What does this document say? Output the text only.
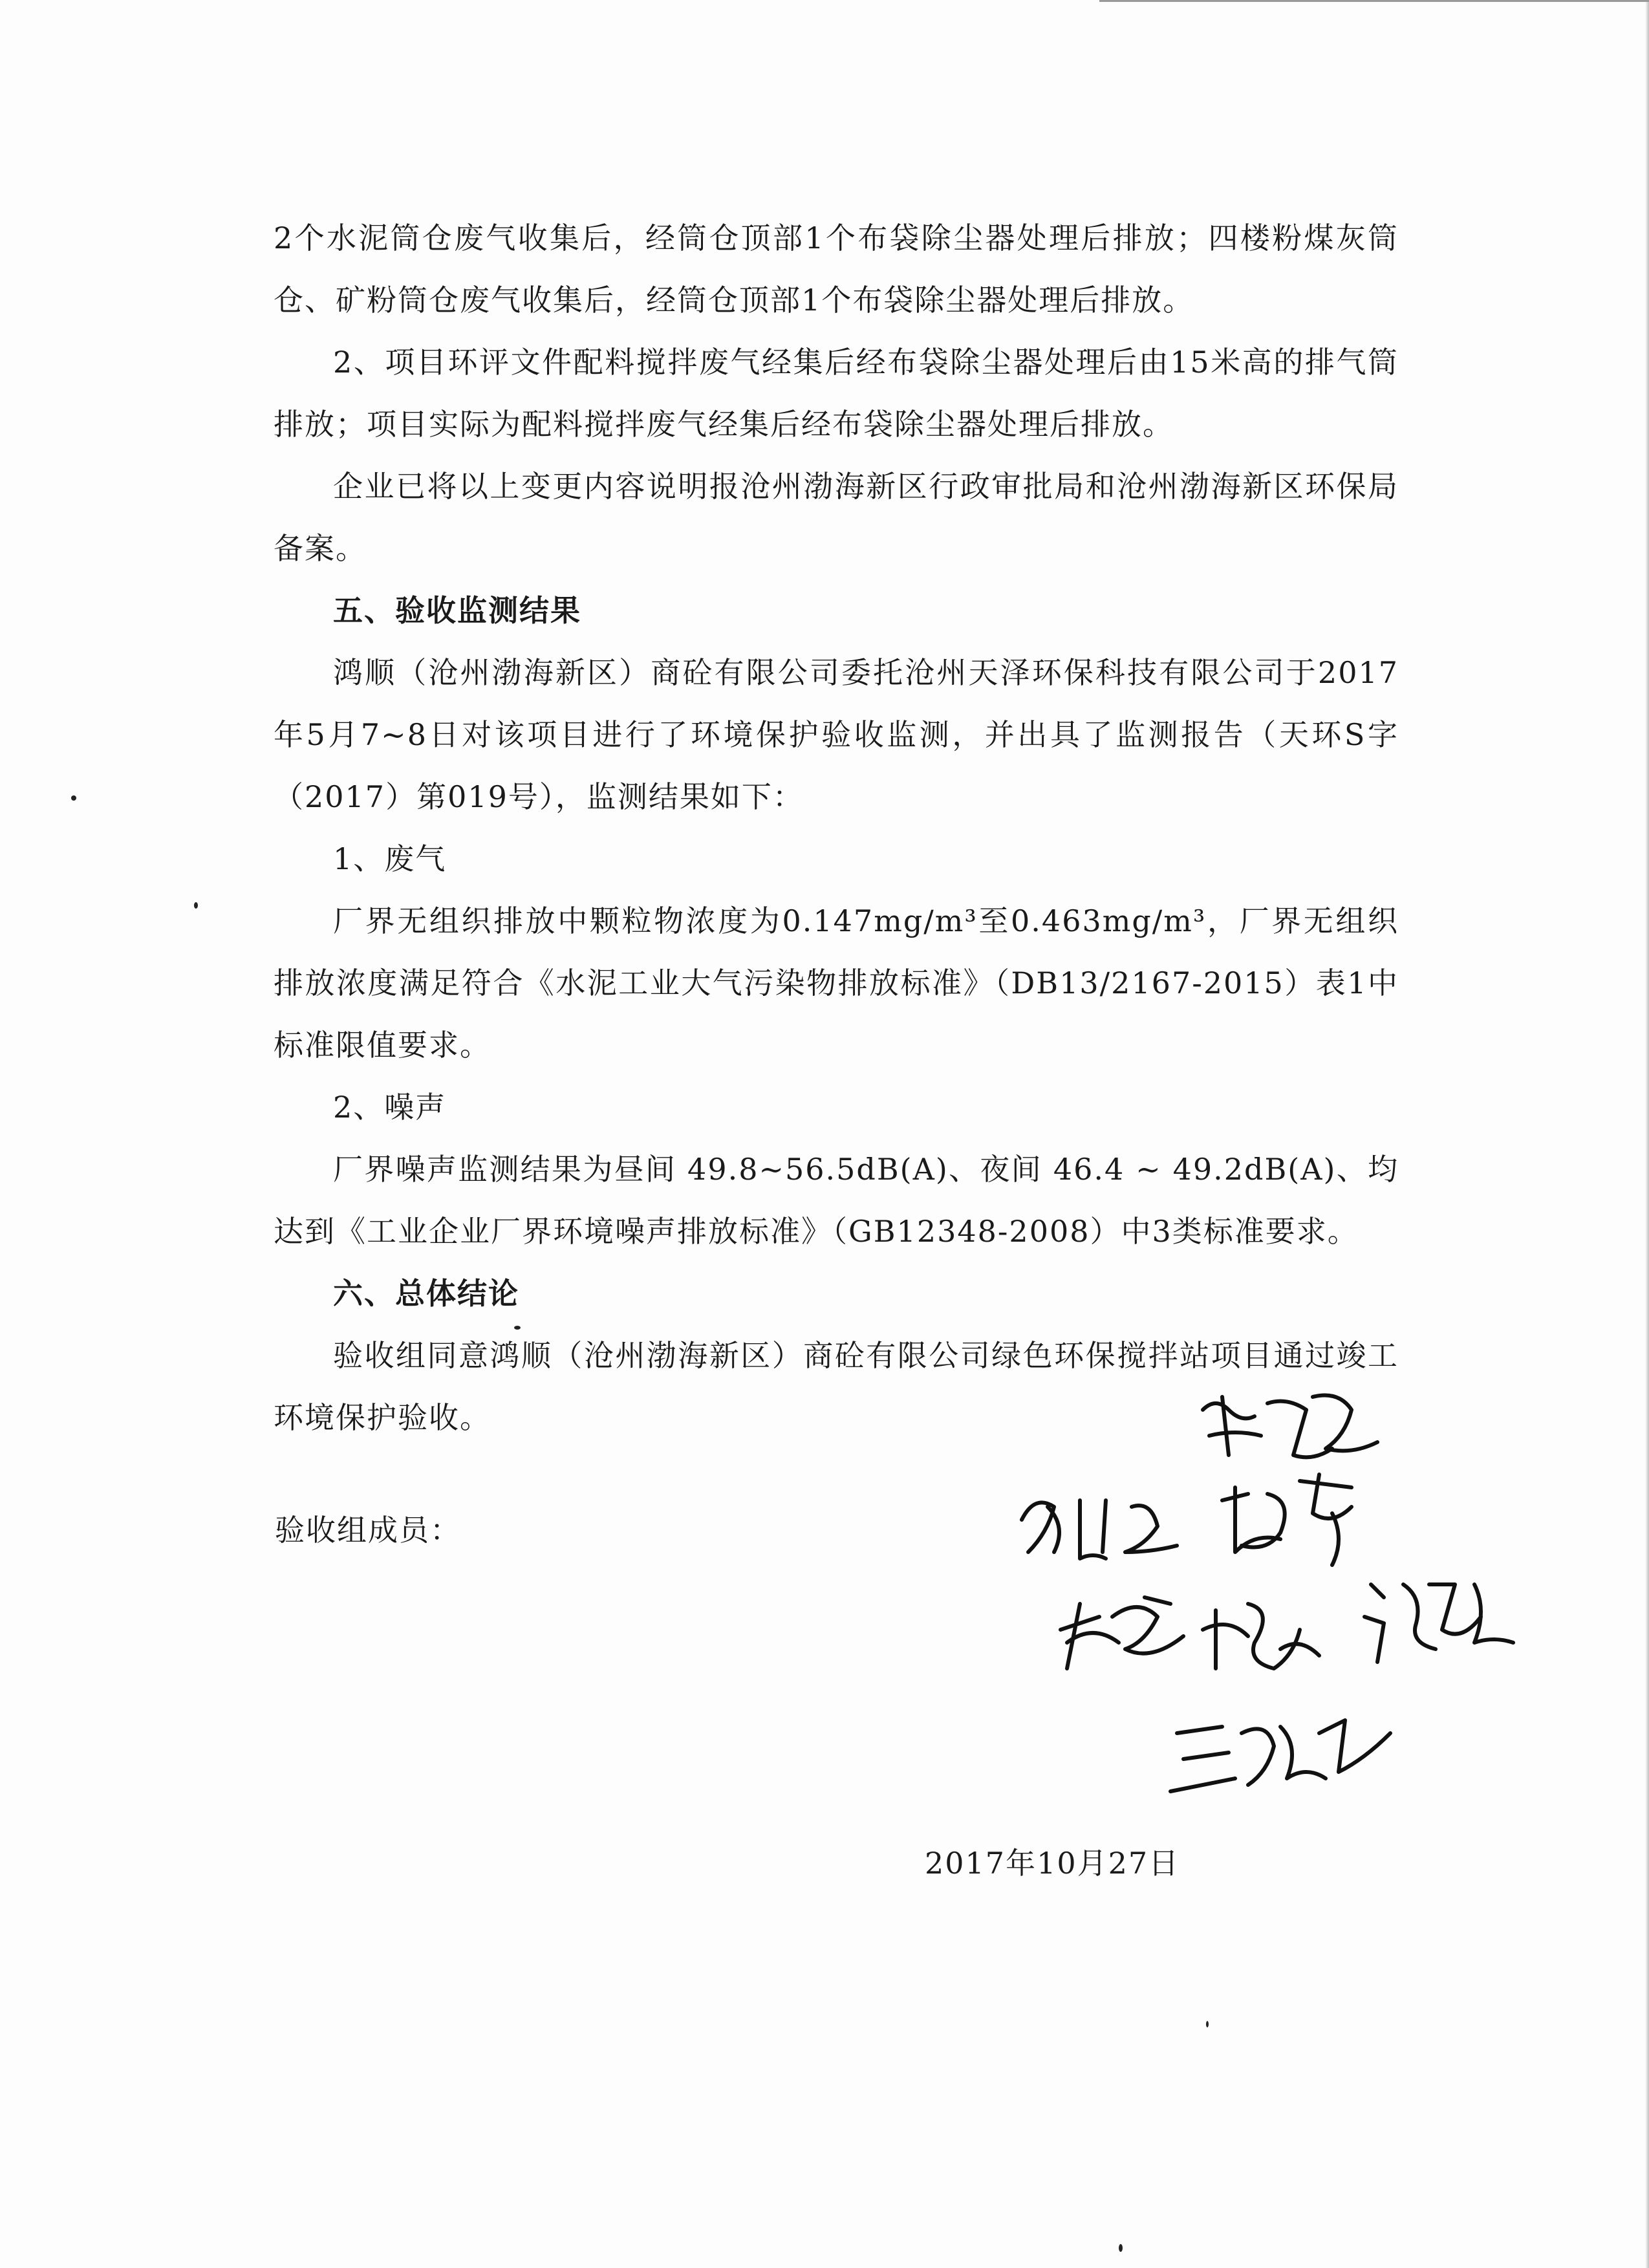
2个水泥筒仓废气收集后，经筒仓顶部1个布袋除尘器处理后排放；四楼粉煤灰筒仓、矿粉筒仓废气收集后，经筒仓顶部1个布袋除尘器处理后排放。

2、项目环评文件配料搅拌废气经集后经布袋除尘器处理后由15米高的排气筒排放；项目实际为配料搅拌废气经集后经布袋除尘器处理后排放。

企业已将以上变更内容说明报沧州渤海新区行政审批局和沧州渤海新区环保局备案。

五、验收监测结果

鸿顺（沧州渤海新区）商砼有限公司委托沧州天泽环保科技有限公司于2017年5月7~8日对该项目进行了环境保护验收监测，并出具了监测报告（天环S字（2017）第019号），监测结果如下：

1、废气

厂界无组织排放中颗粒物浓度为0.147mg/m³至0.463mg/m³，厂界无组织排放浓度满足符合《水泥工业大气污染物排放标准》（DB13/2167-2015）表1中标准限值要求。

2、噪声

厂界噪声监测结果为昼间 49.8~56.5dB(A)、夜间 46.4 ~ 49.2dB(A)、均达到《工业企业厂界环境噪声排放标准》（GB12348-2008）中3类标准要求。

六、总体结论

验收组同意鸿顺（沧州渤海新区）商砼有限公司绿色环保搅拌站项目通过竣工环境保护验收。

验收组成员：
2017年10月27日
